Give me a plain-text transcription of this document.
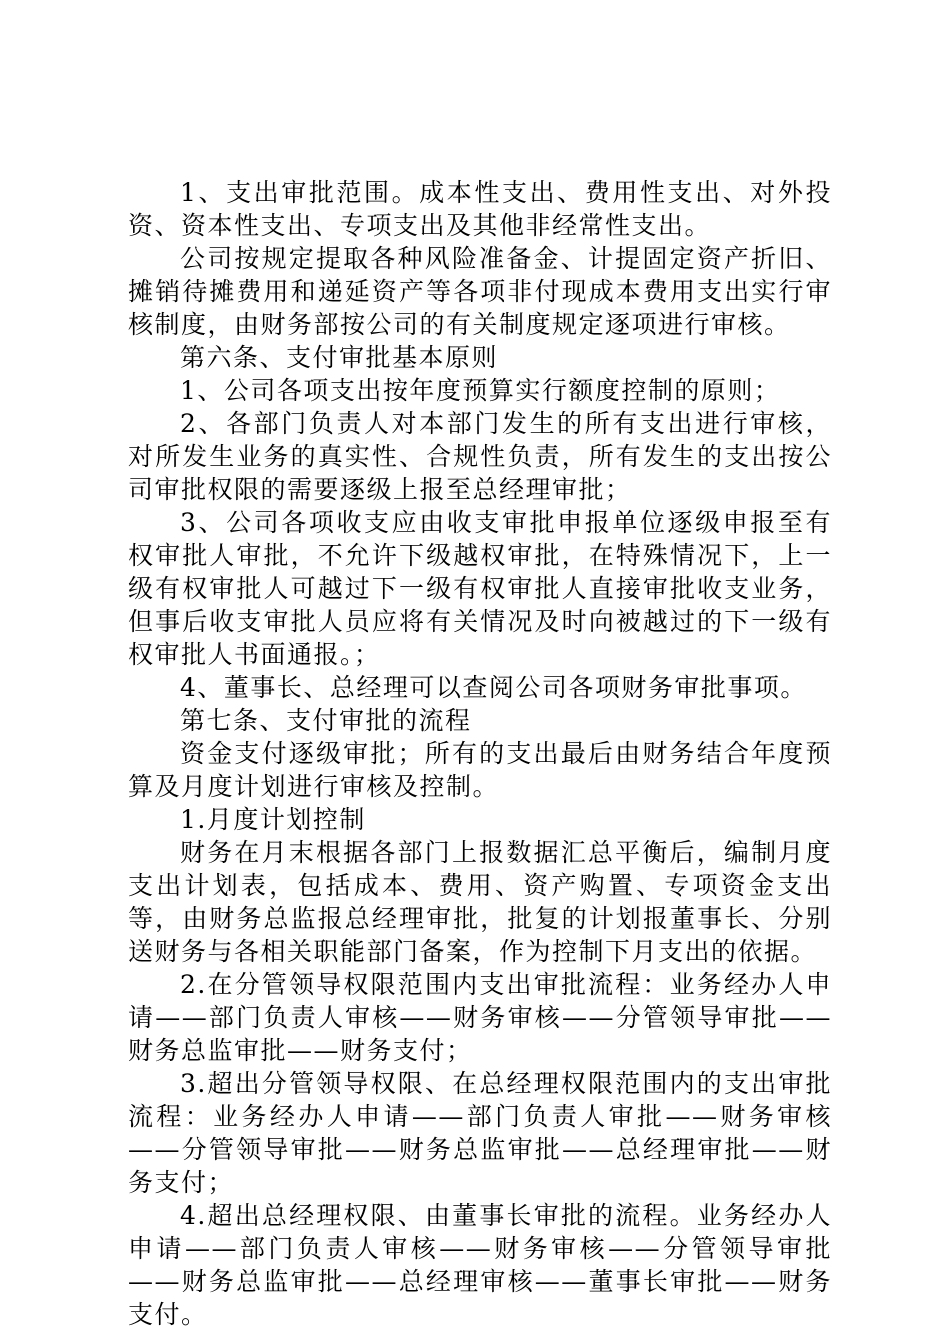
1、支出审批范围。成本性支出、费用性支出、对外投资、资本性支出、专项支出及其他非经常性支出。

公司按规定提取各种风险准备金、计提固定资产折旧、摊销待摊费用和递延资产等各项非付现成本费用支出实行审核制度，由财务部按公司的有关制度规定逐项进行审核。

第六条、支付审批基本原则

1、公司各项支出按年度预算实行额度控制的原则；

2、各部门负责人对本部门发生的所有支出进行审核，对所发生业务的真实性、合规性负责，所有发生的支出按公司审批权限的需要逐级上报至总经理审批；

3、公司各项收支应由收支审批申报单位逐级申报至有权审批人审批，不允许下级越权审批，在特殊情况下，上一级有权审批人可越过下一级有权审批人直接审批收支业务，但事后收支审批人员应将有关情况及时向被越过的下一级有权审批人书面通报。；

4、董事长、总经理可以查阅公司各项财务审批事项。

第七条、支付审批的流程

资金支付逐级审批；所有的支出最后由财务结合年度预算及月度计划进行审核及控制。

1.月度计划控制

财务在月末根据各部门上报数据汇总平衡后，编制月度支出计划表，包括成本、费用、资产购置、专项资金支出等，由财务总监报总经理审批，批复的计划报董事长、分别送财务与各相关职能部门备案，作为控制下月支出的依据。

2.在分管领导权限范围内支出审批流程：业务经办人申请——部门负责人审核——财务审核——分管领导审批——财务总监审批——财务支付；

3.超出分管领导权限、在总经理权限范围内的支出审批流程：业务经办人申请——部门负责人审批——财务审核——分管领导审批——财务总监审批——总经理审批——财务支付；

4.超出总经理权限、由董事长审批的流程。业务经办人申请——部门负责人审核——财务审核——分管领导审批——财务总监审批——总经理审核——董事长审批——财务支付。
